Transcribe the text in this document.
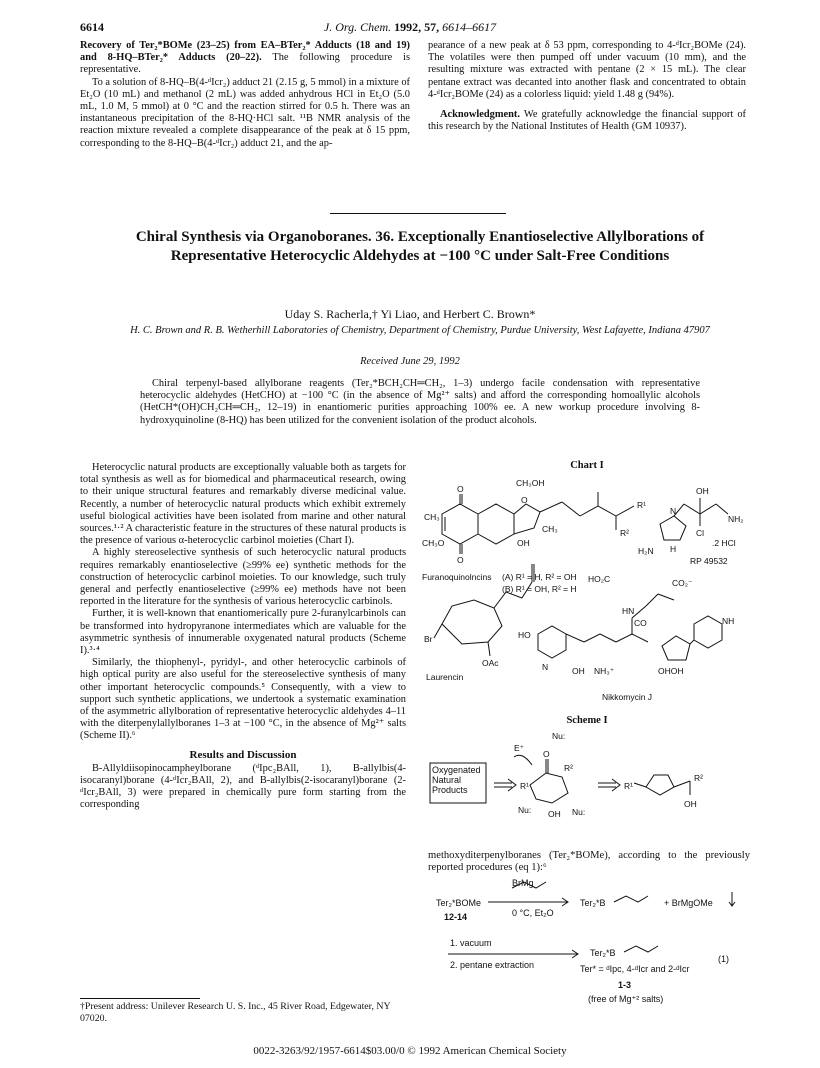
6614	J. Org. Chem. 1992, 57, 6614–6617

Recovery of Ter₂*BOMe (23–25) from EA–BTer₂* Adducts (18 and 19) and 8-HQ–BTer₂* Adducts (20–22). The following procedure is representative.

To a solution of 8-HQ–B(4-ᵈIcr₂) adduct 21 (2.15 g, 5 mmol) in a mixture of Et₂O (10 mL) and methanol (2 mL) was added anhydrous HCl in Et₂O (5.0 mL, 1.0 M, 5 mmol) at 0 °C and the reaction stirred for 0.5 h. There was an instantaneous precipitation of the 8-HQ·HCl salt. ¹¹B NMR analysis of the reaction mixture revealed a complete disappearance of the peak at δ 15 ppm, corresponding to the 8-HQ–B(4-ᵈIcr₂) adduct 21, and the ap-

pearance of a new peak at δ 53 ppm, corresponding to 4-ᵈIcr₂BOMe (24). The volatiles were then pumped off under vacuum (10 mm), and the resulting mixture was extracted with pentane (2 × 15 mL). The clear pentane extract was decanted into another flask and concentrated to obtain 4-ᵈIcr₂BOMe (24) as a colorless liquid: yield 1.48 g (94%).

Acknowledgment. We gratefully acknowledge the financial support of this research by the National Institutes of Health (GM 10937).

Chiral Synthesis via Organoboranes. 36. Exceptionally Enantioselective Allylborations of Representative Heterocyclic Aldehydes at −100 °C under Salt-Free Conditions
Uday S. Racherla,† Yi Liao, and Herbert C. Brown*
H. C. Brown and R. B. Wetherhill Laboratories of Chemistry, Department of Chemistry, Purdue University, West Lafayette, Indiana 47907
Received June 29, 1992

Chiral terpenyl-based allylborane reagents (Ter₂*BCH₂CH═CH₂, 1–3) undergo facile condensation with representative heterocyclic aldehydes (HetCHO) at −100 °C (in the absence of Mg²⁺ salts) and afford the corresponding homoallylic alcohols (HetCH*(OH)CH₂CH═CH₂, 12–19) in enantiomeric purities approaching 100% ee. A new workup procedure involving 8-hydroxyquinoline (8-HQ) has been utilized for the convenient isolation of the product alcohols.

Heterocyclic natural products are exceptionally valuable both as targets for total synthesis as well as for biomedical and pharmaceutical research, owing to their unique structural features and remarkably diverse medicinal value. Recently, a number of heterocyclic natural products which exhibit extremely useful biological activities have been isolated from marine and other natural sources.¹·² A characteristic feature in the structures of these natural products is the presence of various α-heterocyclic carbinol moieties (Chart I).

A highly stereoselective synthesis of such heterocyclic natural products requires remarkably enantioselective (≥99% ee) synthetic methods for the construction of heterocyclic carbinol moieties. To our knowledge, such truly general and perfectly enantioselective (≥99% ee) methods have not been reported in the literature for the synthesis of various heterocyclic carbinols.

Further, it is well-known that enantiomerically pure 2-furanylcarbinols can be transformed into hydropyranone intermediates which are valuable for the asymmetric synthesis of innumerable oxygenated natural products (Scheme I).³·⁴

Similarly, the thiophenyl-, pyridyl-, and other heterocyclic carbinols of high optical purity are also useful for the stereoselective synthesis of many other important heterocyclic compounds.⁵ Consequently, with a view to support such synthetic applications, we undertook a systematic examination of the asymmetric allylboration of representative heterocyclic aldehydes 4–11 with the diterpenylallylboranes 1–3 at −100 °C, in the absence of Mg²⁺ salts (Scheme II).⁶

Results and Discussion

B-Allyldiisopinocampheylborane (ᵈIpc₂BAll, 1), B-allylbis(4-isocaranyl)borane (4-ᵈIcr₂BAll, 2), and B-allylbis(2-isocaranyl)borane (2-ᵈIcr₂BAll, 3) were prepared in chemically pure form starting from the corresponding

†Present address: Unilever Research U. S. Inc., 45 River Road, Edgewater, NY 07020.
Chart I
CH₃OH
R¹
R²
CH₃
CH₃
CH₃O	OH
O
O
O
Furanoquinolncins (A) R¹ = H, R² = OH
(B) R¹ = OH, R² = H
OH
NH₂
Cl
N
H₂N H
.2 HCl
RP 49532
Br
OAc
Laurencin
HO
N
HO₂C	CO₂⁻
NH
HN
CO
OH NH₃⁺	OHOH
Nikkomycin J
Scheme I
Oxygenated Natural Products
Nu:
E⁺
O
R²
R¹
Nu:	Nu:
OH
R¹
R²
OH

methoxyditerpenylboranes (Ter₂*BOMe), according to the previously reported procedures (eq 1):⁶

BrMg
Ter₂*BOMe
12-14	0 °C, Et₂O
Ter₂*B	+ BrMgOMe
1. vacuum
2. pentane extraction
Ter₂*B
(1)
Ter* = ᵈIpc, 4-ᵈIcr and 2-ᵈIcr
1-3
(free of Mg⁺² salts)
0022-3263/92/1957-6614$03.00/0 © 1992 American Chemical Society
